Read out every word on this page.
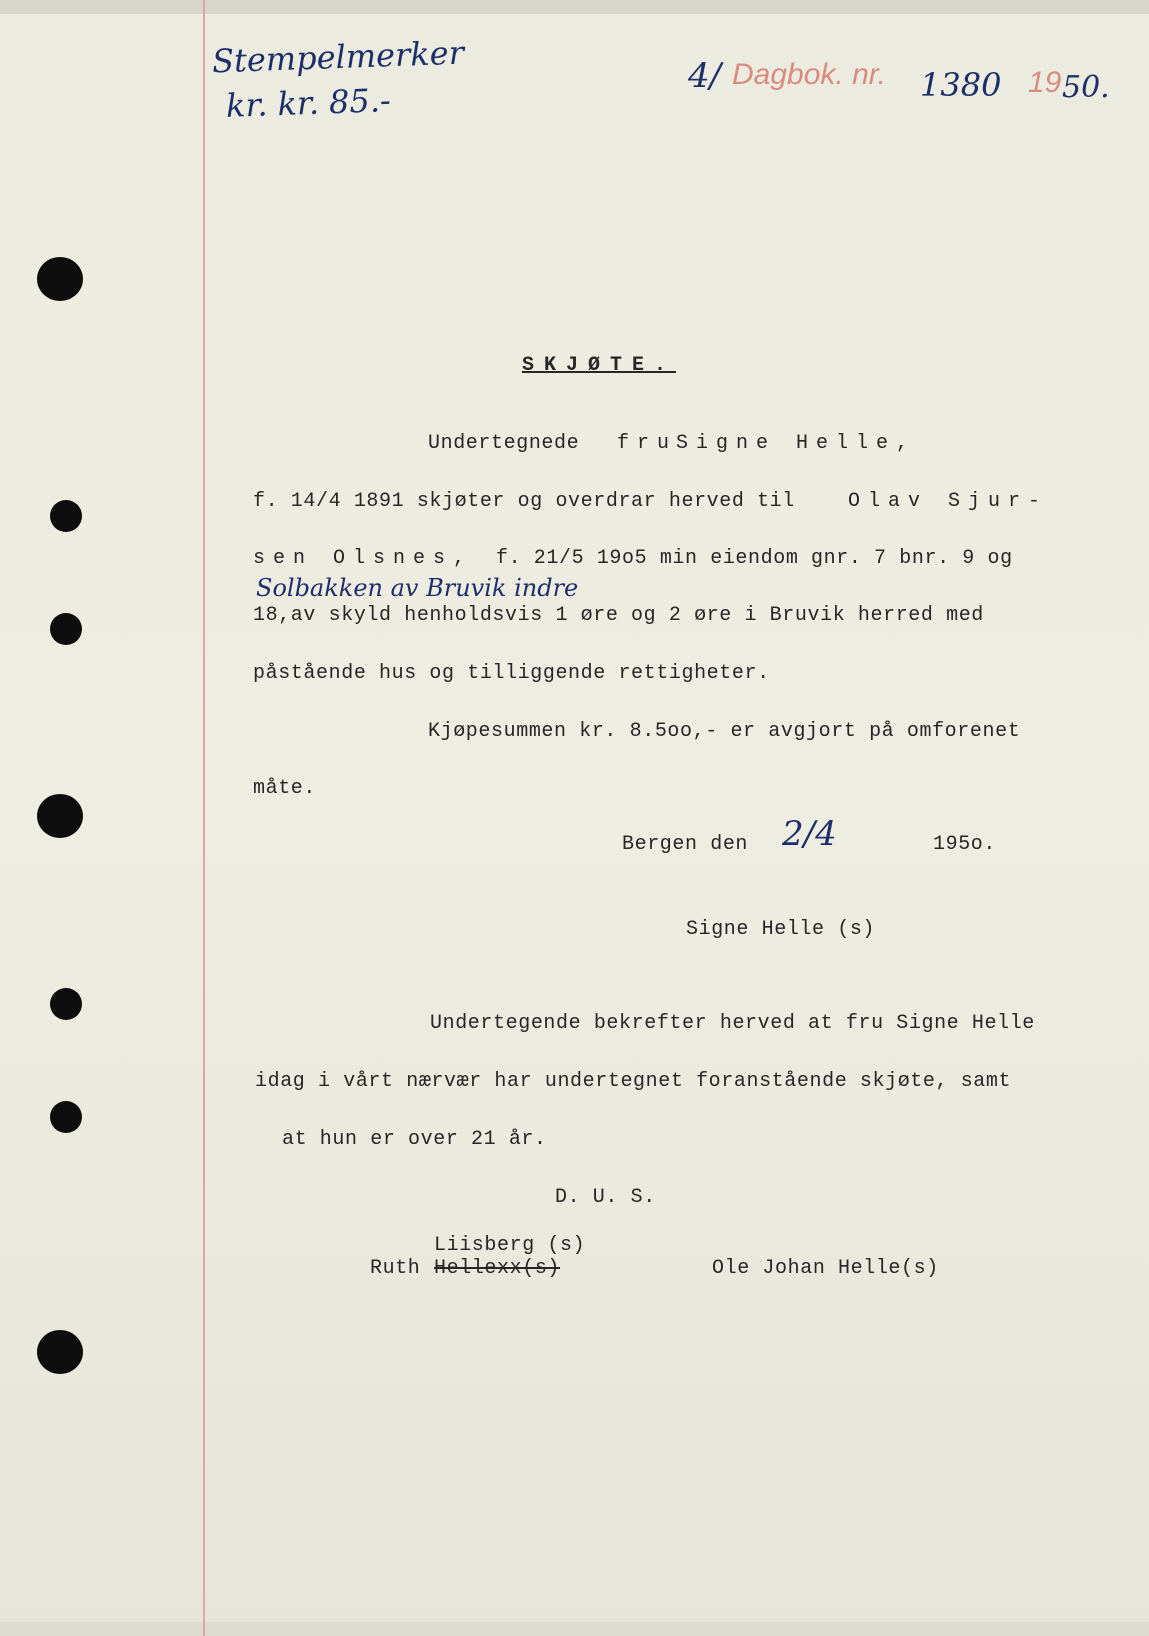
Stempelmerker
kr. kr. 85.-
4/ Dagbok. nr. 1380 19 50.
SKJØTE.
Undertegnede fru
Signe Helle,
f. 14/4 1891 skjøter og overdrar herved til	Olav Sjur-
sen Olsnes, f. 21/5 19o5 min eiendom gnr. 7 bnr. 9 og
Solbakken av Bruvik indre
18,av skyld henholdsvis 1 øre og 2 øre i Bruvik herred med
påstående hus og tilliggende rettigheter.
Kjøpesummen kr. 8.5oo,- er avgjort på omforenet
måte.
Bergen den 2/4	195o.
Signe Helle (s)
Undertegende bekrefter herved at fru Signe Helle
idag i vårt nærvær har undertegnet foranstående skjøte, samt
at hun er over 21 år.
D. U. S.
Liisberg (s)
Ruth Hellexx(s)	Ole Johan Helle(s)
